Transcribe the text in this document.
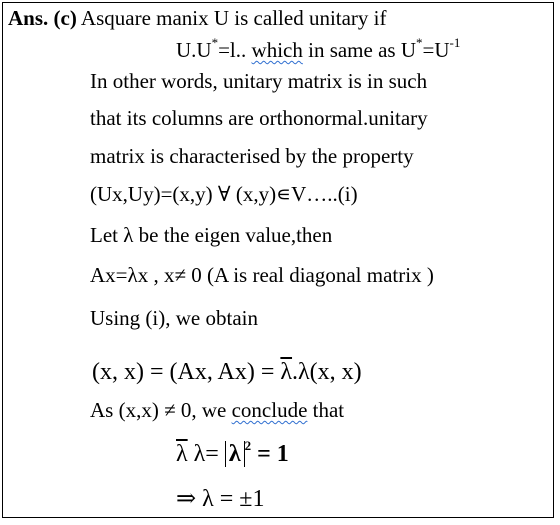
Ans. (c) Asquare manix U is called unitary if
U.U*=l.. which in same as $U^*=U^{-1}$
In other words, unitary matrix is in such
that its columns are orthonormal.unitary
matrix is characterised by the property
(Ux,Uy)=(x,y) ∀ (x,y)∊V…..(i)
Let λ be the eigen value,then
Ax=λx , x≠ 0 (A is real diagonal matrix )
Using (i), we obtain
(x, x) = (Ax, $Ax) = \overline{\lambda}.\lambda(x$, x)
As (x,x) ≠ 0, we conclude that
$\overline{\lambda}$ λ= λ $^2$ = 1
⇒ λ = ±1
